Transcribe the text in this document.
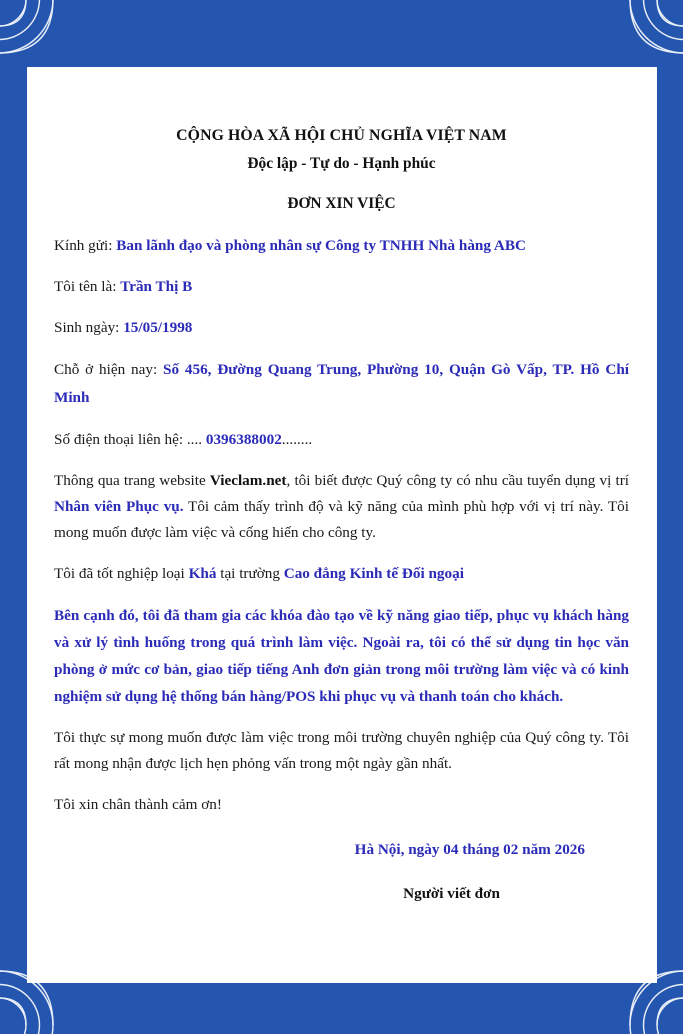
CỘNG HÒA XÃ HỘI CHỦ NGHĨA VIỆT NAM
Độc lập - Tự do - Hạnh phúc
ĐƠN XIN VIỆC

Kính gửi: Ban lãnh đạo và phòng nhân sự Công ty TNHH Nhà hàng ABC

Tôi tên là: Trần Thị B

Sinh ngày: 15/05/1998

Chỗ ở hiện nay: Số 456, Đường Quang Trung, Phường 10, Quận Gò Vấp, TP. Hồ Chí Minh

Số điện thoại liên hệ: .... 0396388002........

Thông qua trang website Vieclam.net, tôi biết được Quý công ty có nhu cầu tuyển dụng vị trí Nhân viên Phục vụ. Tôi cảm thấy trình độ và kỹ năng của mình phù hợp với vị trí này. Tôi mong muốn được làm việc và cống hiến cho công ty.

Tôi đã tốt nghiệp loại Khá tại trường Cao đẳng Kinh tế Đối ngoại

Bên cạnh đó, tôi đã tham gia các khóa đào tạo về kỹ năng giao tiếp, phục vụ khách hàng và xử lý tình huống trong quá trình làm việc. Ngoài ra, tôi có thể sử dụng tin học văn phòng ở mức cơ bản, giao tiếp tiếng Anh đơn giản trong môi trường làm việc và có kinh nghiệm sử dụng hệ thống bán hàng/POS khi phục vụ và thanh toán cho khách.

Tôi thực sự mong muốn được làm việc trong môi trường chuyên nghiệp của Quý công ty. Tôi rất mong nhận được lịch hẹn phỏng vấn trong một ngày gần nhất.

Tôi xin chân thành cảm ơn!

Hà Nội, ngày 04 tháng 02 năm 2026

Người viết đơn
